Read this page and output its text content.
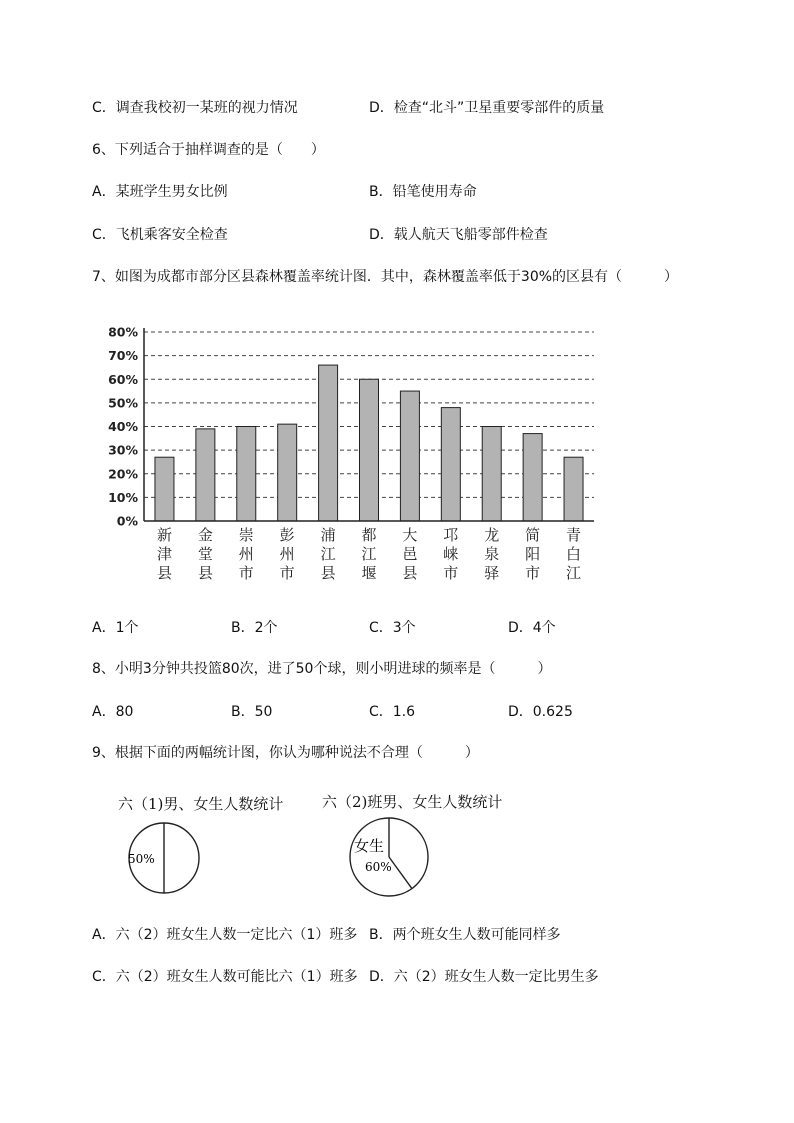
C．调查我校初一某班的视力情况	D．检查“北斗”卫星重要零部件的质量
6、下列适合于抽样调查的是（　　）
A．某班学生男女比例	B．铅笔使用寿命
C．飞机乘客安全检查	D．载人航天飞船零部件检查
7、如图为成都市部分区县森林覆盖率统计图．其中，森林覆盖率低于30%的区县有（　　　）
0%
10%
20%
30%
40%
50%
60%
70%
80%
新
津
县
金
堂
县
崇
州
市
彭
州
市
浦
江
县
都
江
堰
大
邑
县
邛
崃
市
龙
泉
驿
简
阳
市
青
白
江
A．1个	B．2个	C．3个	D．4个
8、小明3分钟共投篮80次，进了50个球，则小明进球的频率是（　　　）
A．80	B．50	C．1.6	D．0.625
9、根据下面的两幅统计图，你认为哪种说法不合理（　　　）
六（1)男、女生人数统计	六（2)班男、女生人数统计
50%
女生
60%
A．六（2）班女生人数一定比六（1）班多 B．两个班女生人数可能同样多
C．六（2）班女生人数可能比六（1）班多 D．六（2）班女生人数一定比男生多
